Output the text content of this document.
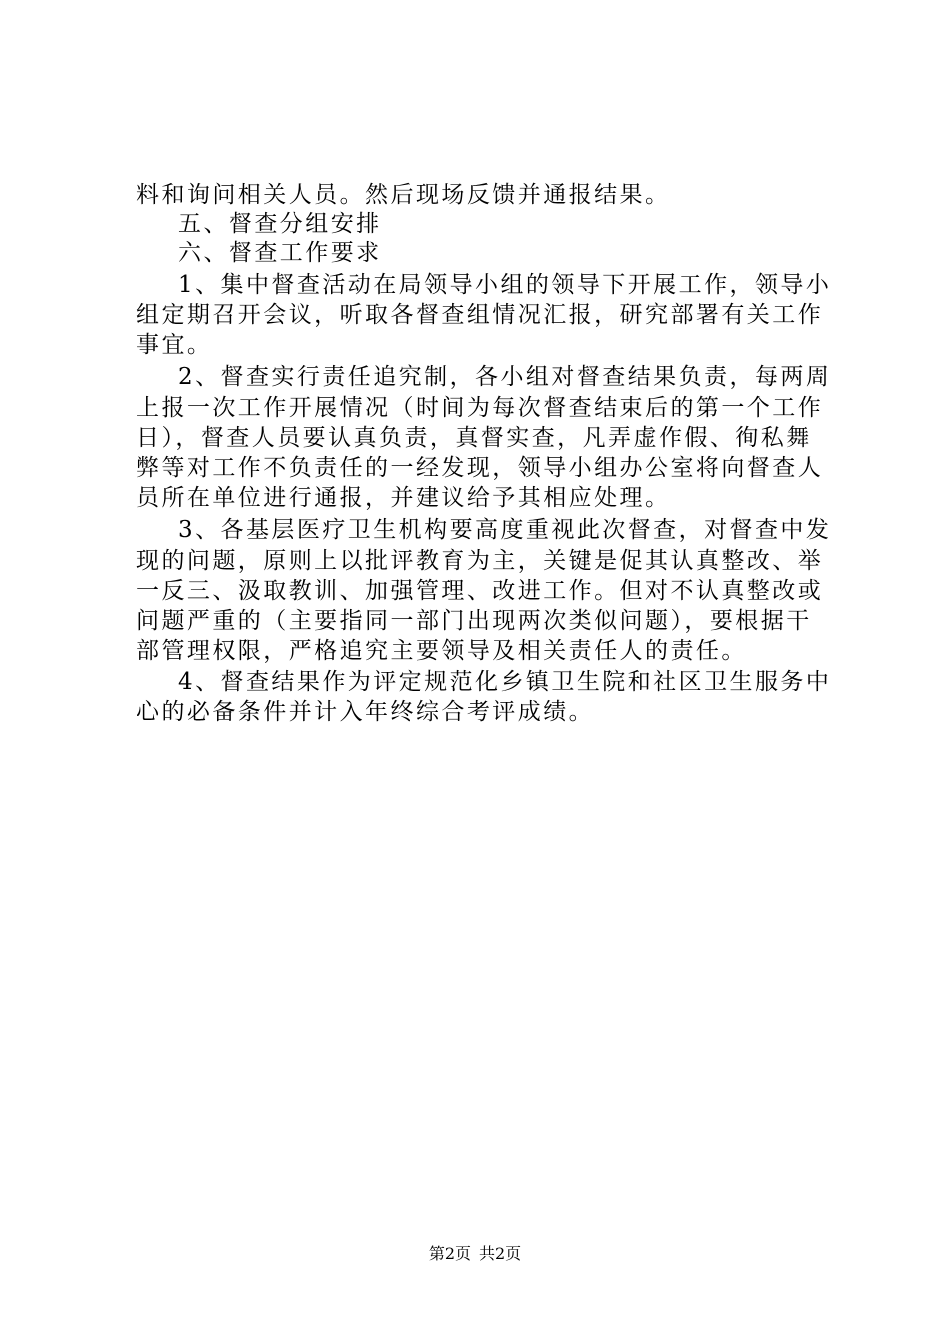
料和询问相关人员。然后现场反馈并通报结果。
五、督查分组安排
六、督查工作要求
1、集中督查活动在局领导小组的领导下开展工作，领导小
组定期召开会议，听取各督查组情况汇报，研究部署有关工作
事宜。
2、督查实行责任追究制，各小组对督查结果负责，每两周
上报一次工作开展情况（时间为每次督查结束后的第一个工作
日），督查人员要认真负责，真督实查，凡弄虚作假、徇私舞
弊等对工作不负责任的一经发现，领导小组办公室将向督查人
员所在单位进行通报，并建议给予其相应处理。
3、各基层医疗卫生机构要高度重视此次督查，对督查中发
现的问题，原则上以批评教育为主，关键是促其认真整改、举
一反三、汲取教训、加强管理、改进工作。但对不认真整改或
问题严重的（主要指同一部门出现两次类似问题），要根据干
部管理权限，严格追究主要领导及相关责任人的责任。
4、督查结果作为评定规范化乡镇卫生院和社区卫生服务中
心的必备条件并计入年终综合考评成绩。
第2页 共2页
